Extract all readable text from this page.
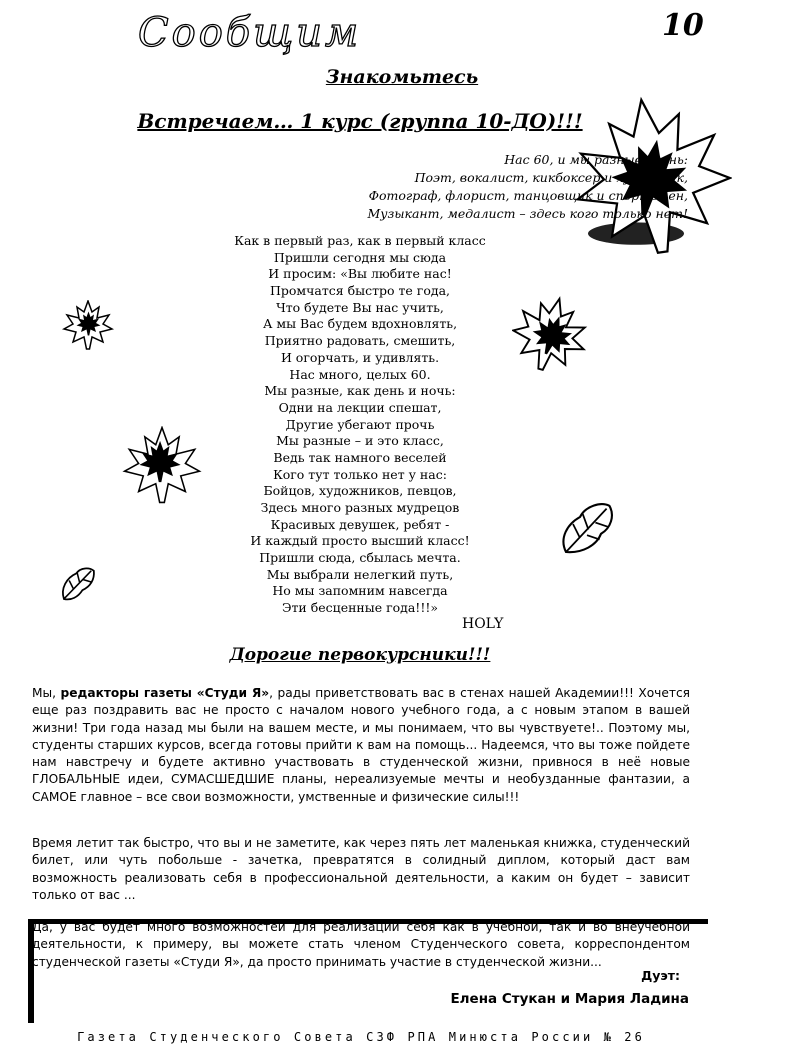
Сообщим	10
Знакомьтесь
Встречаем… 1 курс (группа 10-ДО)!!!
Нас 60, и мы разные очень:
Поэт, вокалист, кикбоксер и художник,
Фотограф, флорист, танцовщик и спортсмен,
Музыкант, медалист – здесь кого только нет!
Как в первый раз, как в первый класс
Пришли сегодня мы сюда
И просим: «Вы любите нас!
Промчатся быстро те года,
Что будете Вы нас учить,
А мы Вас будем вдохновлять,
Приятно радовать, смешить,
И огорчать, и удивлять.
Нас много, целых 60.
Мы разные, как день и ночь:
Одни на лекции спешат,
Другие убегают прочь
Мы разные – и это класс,
Ведь так намного веселей
Кого тут только нет у нас:
Бойцов, художников, певцов,
Здесь много разных мудрецов
Красивых девушек, ребят -
И каждый просто высший класс!
Пришли сюда, сбылась мечта.
Мы выбрали нелегкий путь,
Но мы запомним навсегда
Эти бесценные года!!!»
HOLY
Дорогие первокурсники!!!
Мы, редакторы газеты «Студи Я», рады приветствовать вас в стенах нашей Академии!!! Хочется еще раз поздравить вас не просто с началом нового учебного года, а с новым этапом в вашей жизни! Три года назад мы были на вашем месте, и мы понимаем, что вы чувствуете!.. Поэтому мы, студенты старших курсов, всегда готовы прийти к вам на помощь... Надеемся, что вы тоже пойдете нам навстречу и будете активно участвовать в студенческой жизни, привнося в неё новые ГЛОБАЛЬНЫЕ идеи, СУМАСШЕДШИЕ планы, нереализуемые мечты и необузданные фантазии, а САМОЕ главное – все свои возможности, умственные и физические силы!!!
Время летит так быстро, что вы и не заметите, как через пять лет маленькая книжка, студенческий билет, или чуть побольше - зачетка, превратятся в солидный диплом, который даст вам возможность реализовать себя в профессиональной деятельности, а каким он будет – зависит только от вас ...
Да, у вас будет много возможностей для реализации себя как в учебной, так и во внеучебной деятельности, к примеру, вы можете стать членом Студенческого совета, корреспондентом студенческой газеты «Студи Я», да просто принимать участие в студенческой жизни...
Дуэт:
Елена Стукан и Мария Ладина
Газета Студенческого Совета СЗФ РПА Минюста России № 26
